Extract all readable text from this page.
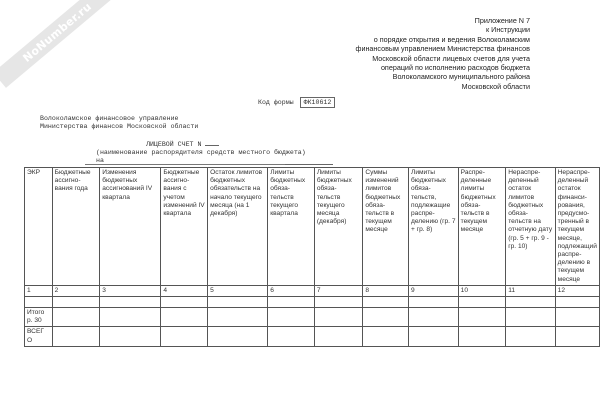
NoNumber.ru	Приложение N 7
к Инструкции
о порядке открытия и ведения Волоколамским
финансовым управлением Министерства финансов
Московской области лицевых счетов для учета
операций по исполнению расходов бюджета
Волоколамского муниципального района
Московской области
Код формы	ФК10612
Волоколамское финансовое управление
Министерства финансов Московской области
ЛИЦЕВОЙ СЧЕТ N
(наименование распорядителя средств местного бюджета)
на
ЭКР	Бюджетные ассигно- вания года	Изменения бюджетных ассигнований IV квартала	Бюджетные ассигно- вания с учетом изменений IV квартала	Остаток лимитов бюджетных обязательств на начало текущего месяца (на 1 декабря)	Лимиты бюджетных обяза- тельств текущего квартала	Лимиты бюджетных обяза- тельств текущего месяца (декабря)	Суммы изменений лимитов бюджетных обяза- тельств в текущем месяце	Лимиты бюджетных обяза- тельств, подлежащие распре- делению (гр. 7 + гр. 8)	Распре- деленные лимиты бюджетных обяза- тельств в текущем месяце	Нераспре- деленный остаток лимитов бюджетных обяза- тельств на отчетную дату (гр. 5 + гр. 9 - гр. 10)	Нераспре- деленный остаток финанси- рования, предусмо- тренный в текущем месяце, подлежащий распре- делению в текущем месяце
1	2	3	4	5	6	7	8	9	10	11	12

Итого р. 30											
ВСЕГ О											
